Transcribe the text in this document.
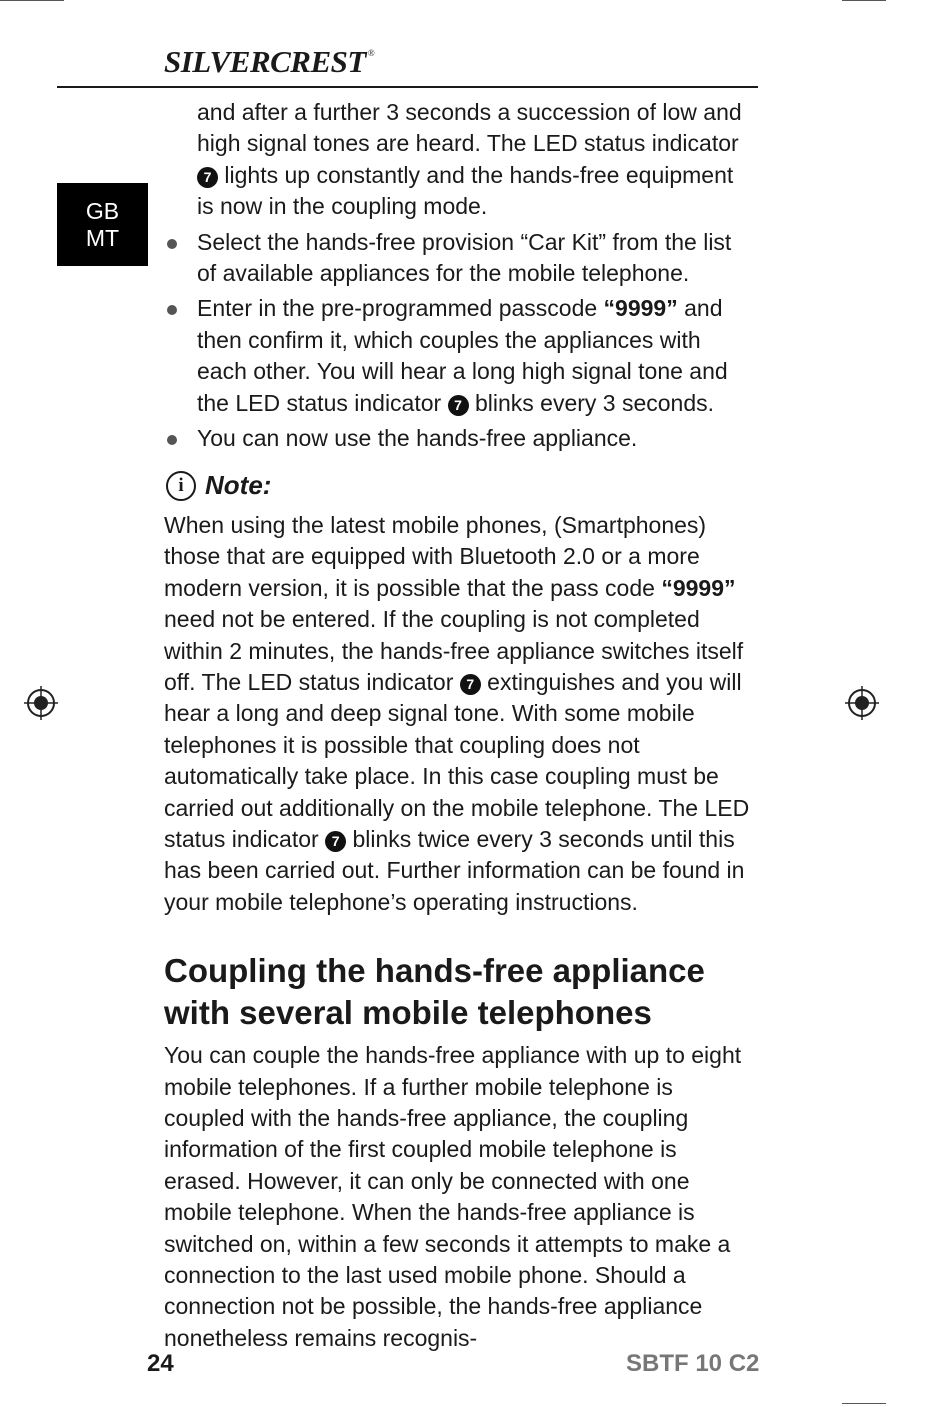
SILVERCREST ®
GB
MT

and after a further 3 seconds a succession of low and high signal tones are heard. The LED status indicator 7 lights up constantly and the hands-free equipment is now in the coupling mode.

Select the hands-free provision “Car Kit” from the list of available appliances for the mobile telephone.

Enter in the pre-programmed passcode “9999” and then confirm it, which couples the appliances with each other. You will hear a long high signal tone and the LED status indicator 7 blinks every 3 seconds.

You can now use the hands-free appliance.

i Note:

When using the latest mobile phones, (Smartphones) those that are equipped with Bluetooth 2.0 or a more modern version, it is possible that the pass code “9999” need not be entered. If the coupling is not completed within 2 minutes, the hands-free appliance switches itself off. The LED status indicator 7 extinguishes and you will hear a long and deep signal tone. With some mobile telephones it is possible that coupling does not automatically take place. In this case coupling must be carried out additionally on the mobile telephone. The LED status indicator 7 blinks twice every 3 seconds until this has been carried out. Further information can be found in your mobile telephone’s operating instructions.

Coupling the hands-free appliance with several mobile telephones

You can couple the hands-free appliance with up to eight mobile telephones. If a further mobile telephone is coupled with the hands-free appliance, the coupling information of the first coupled mobile telephone is erased. However, it can only be connected with one mobile telephone. When the hands-free appliance is switched on, within a few seconds it attempts to make a connection to the last used mobile phone. Should a connection not be possible, the hands-free appliance nonetheless remains recognis-

24	SBTF 10 C2
